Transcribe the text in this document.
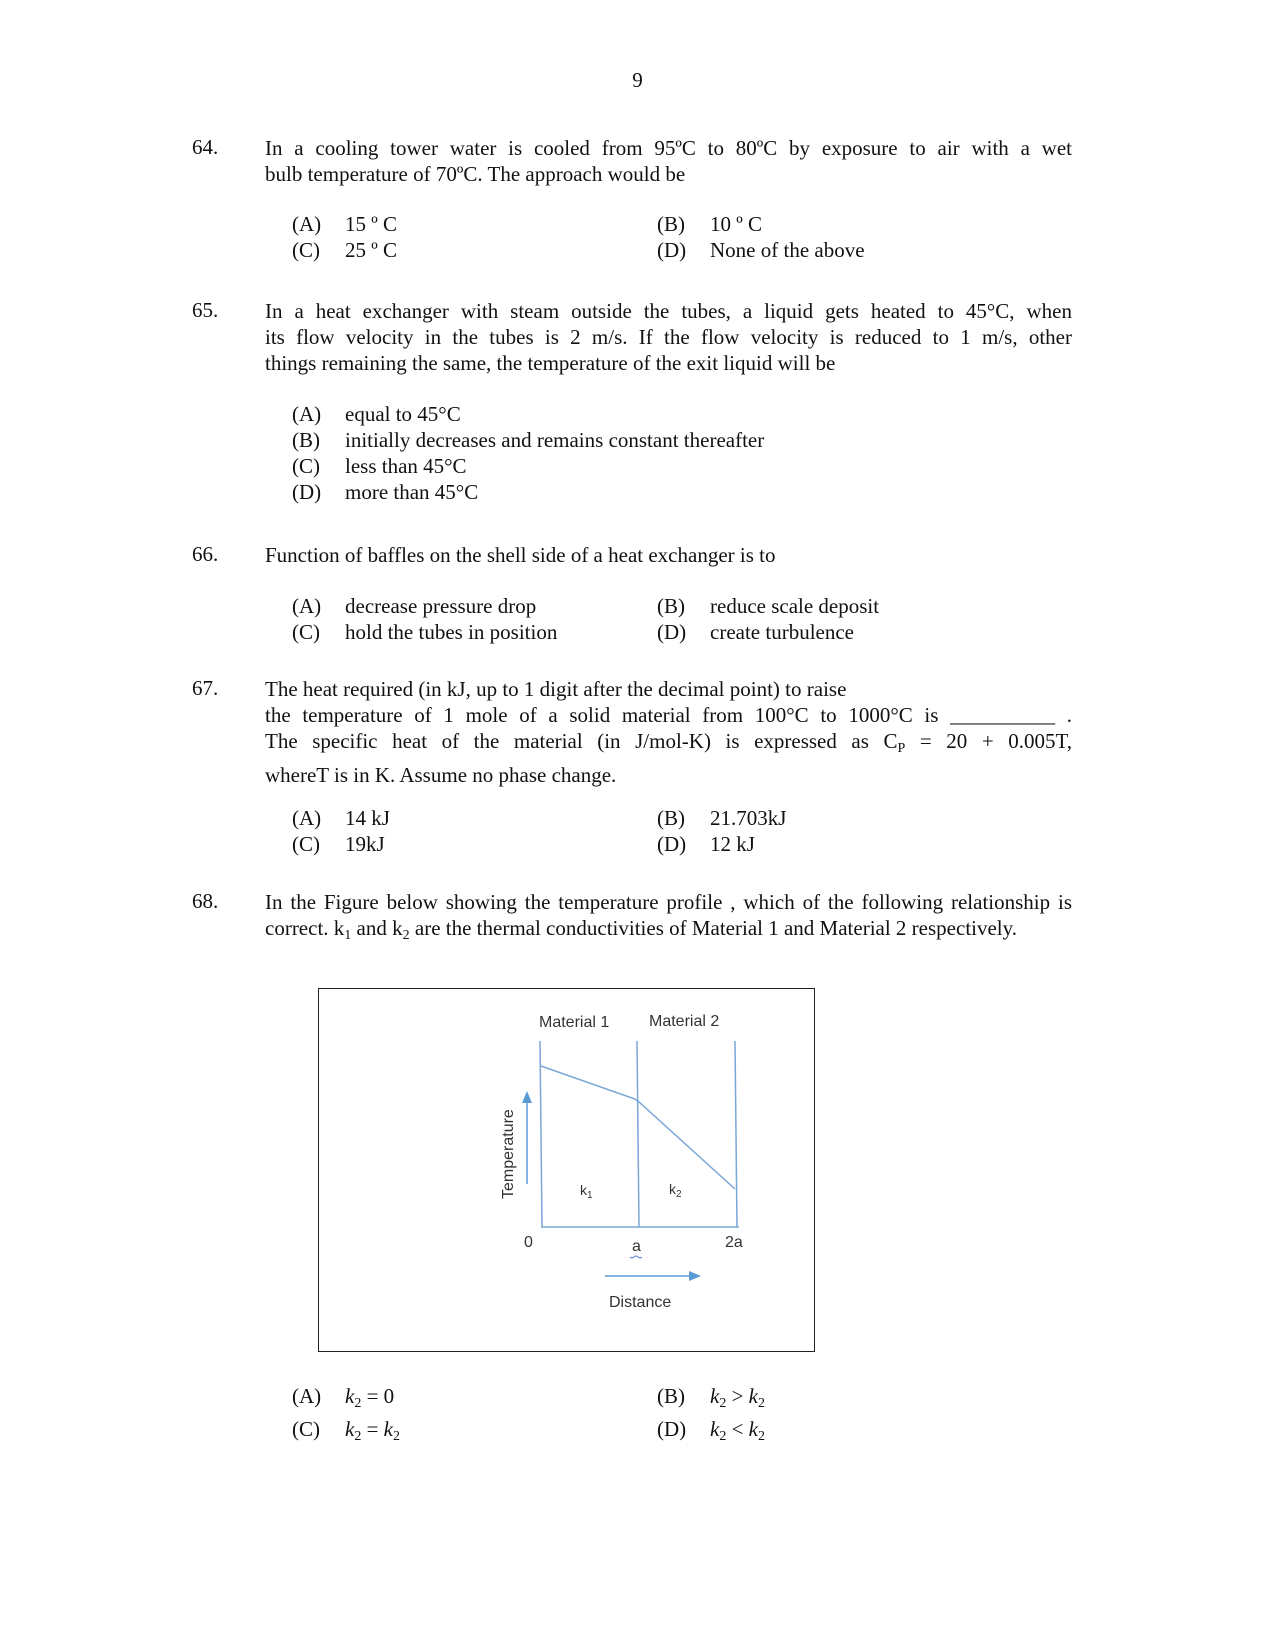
9
64. In a cooling tower water is cooled from 95ºC to 80ºC by exposure to air with a wet
bulb temperature of 70ºC. The approach would be
(A) 15 º C	(B) 10 º C
(C) 25 º C	(D) None of the above
65. In a heat exchanger with steam outside the tubes, a liquid gets heated to 45°C, when
its flow velocity in the tubes is 2 m/s. If the flow velocity is reduced to 1 m/s, other
things remaining the same, the temperature of the exit liquid will be
(A) equal to 45°C
(B) initially decreases and remains constant thereafter
(C) less than 45°C
(D) more than 45°C
66. Function of baffles on the shell side of a heat exchanger is to
(A) decrease pressure drop	(B) reduce scale deposit
(C) hold the tubes in position	(D) create turbulence
67. The heat required (in kJ, up to 1 digit after the decimal point) to raise
the temperature of 1 mole of a solid material from 100°C to 1000°C is __________ .
The specific heat of the material (in J/mol-K) is expressed as $C_P = 20 + 0.005T$,
whereT is in K. Assume no phase change.
(A) 14 kJ	(B) 21.703kJ
(C) 19kJ	(D) 12 kJ
68. In the Figure below showing the temperature profile , which of the following relationship is correct. $k_1$ and $k_2$ are the thermal conductivities of Material 1 and Material 2 respectively.
(A) $k_2 = 0$	(B) $k_2 > k_2$
(C) $k_2 = k_2$	(D) $k_2 < k_2$
Material 1 Material 2
Temperature	$k_1$	$k_2$
0	a	2a
Distance
